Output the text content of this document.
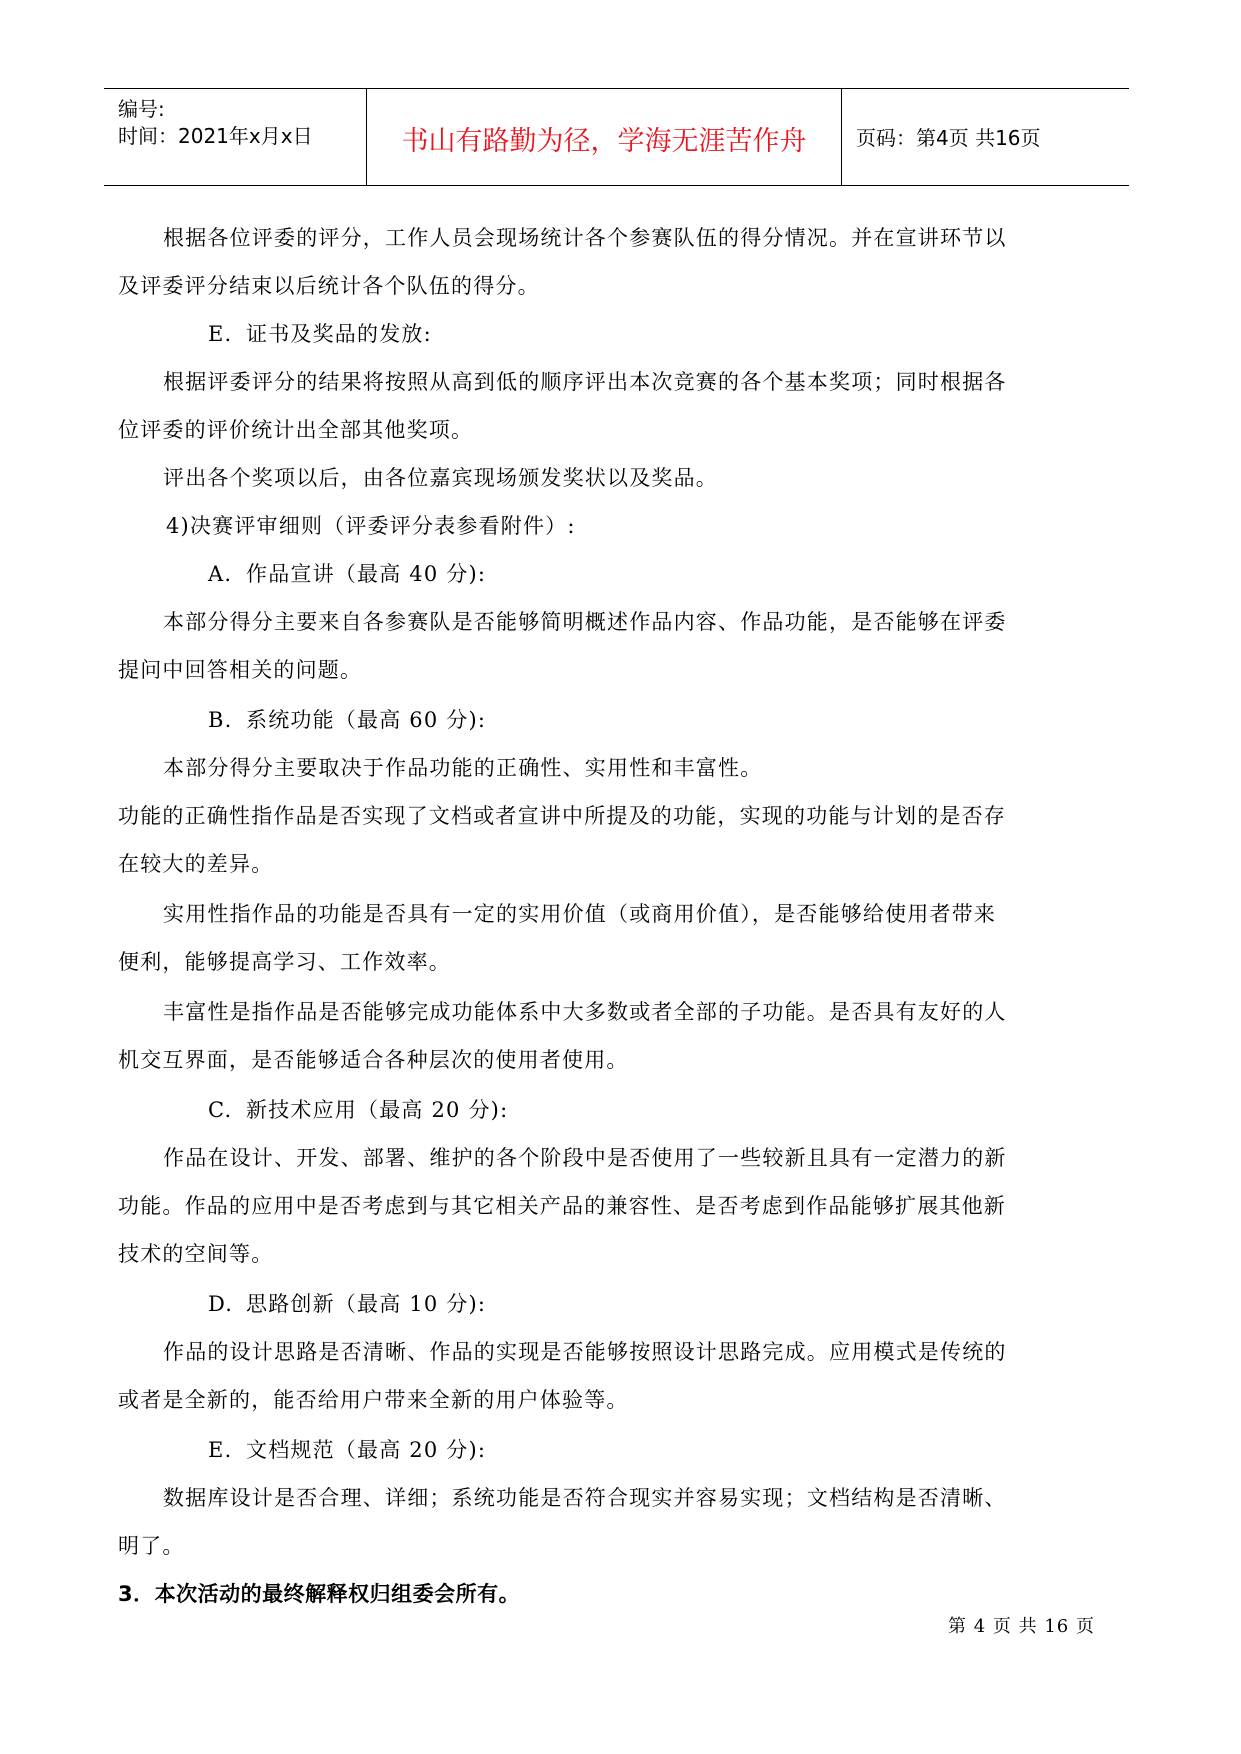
编号:
时间：2021年x月x日	书山有路勤为径，学海无涯苦作舟	页码：第4页 共16页
根据各位评委的评分，工作人员会现场统计各个参赛队伍的得分情况。并在宣讲环节以
及评委评分结束以后统计各个队伍的得分。
E. 证书及奖品的发放:
根据评委评分的结果将按照从高到低的顺序评出本次竞赛的各个基本奖项；同时根据各
位评委的评价统计出全部其他奖项。
评出各个奖项以后，由各位嘉宾现场颁发奖状以及奖品。
4)决赛评审细则（评委评分表参看附件）:
A. 作品宣讲（最高 40 分):
本部分得分主要来自各参赛队是否能够简明概述作品内容、作品功能，是否能够在评委
提问中回答相关的问题。
B. 系统功能（最高 60 分):
本部分得分主要取决于作品功能的正确性、实用性和丰富性。
功能的正确性指作品是否实现了文档或者宣讲中所提及的功能，实现的功能与计划的是否存
在较大的差异。
实用性指作品的功能是否具有一定的实用价值（或商用价值），是否能够给使用者带来
便利，能够提高学习、工作效率。
丰富性是指作品是否能够完成功能体系中大多数或者全部的子功能。是否具有友好的人
机交互界面，是否能够适合各种层次的使用者使用。
C. 新技术应用（最高 20 分):
作品在设计、开发、部署、维护的各个阶段中是否使用了一些较新且具有一定潜力的新
功能。作品的应用中是否考虑到与其它相关产品的兼容性、是否考虑到作品能够扩展其他新
技术的空间等。
D. 思路创新（最高 10 分):
作品的设计思路是否清晰、作品的实现是否能够按照设计思路完成。应用模式是传统的
或者是全新的，能否给用户带来全新的用户体验等。
E. 文档规范（最高 20 分):
数据库设计是否合理、详细；系统功能是否符合现实并容易实现；文档结构是否清晰、
明了。
3．本次活动的最终解释权归组委会所有。
第 4 页 共 16 页
